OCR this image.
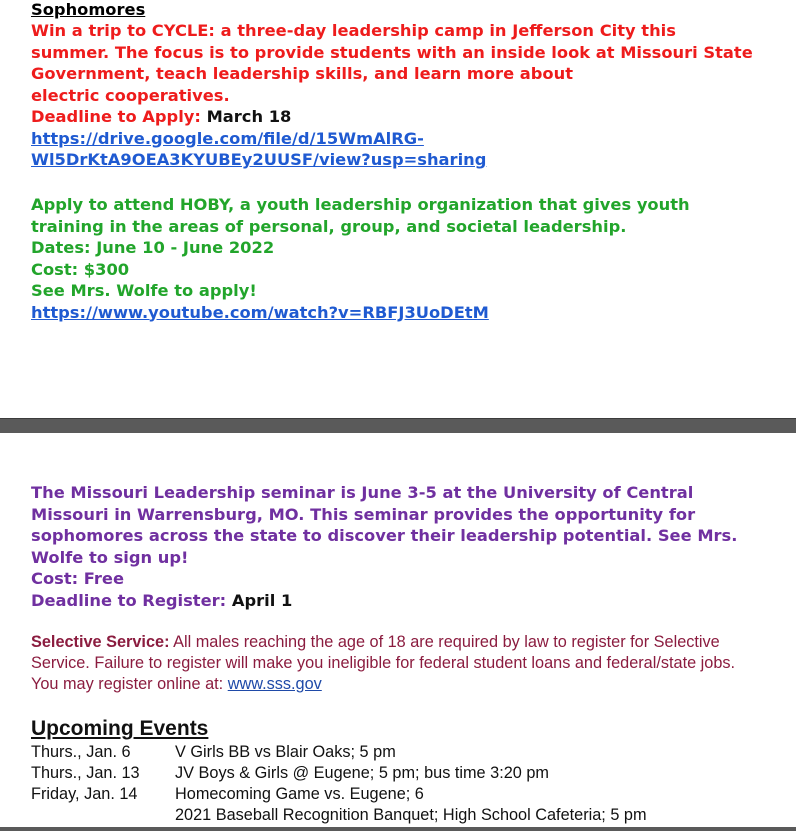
Sophomores
Win a trip to CYCLE: a three-day leadership camp in Jefferson City this
summer. The focus is to provide students with an inside look at Missouri State
Government, teach leadership skills, and learn more about
electric cooperatives.
Deadline to Apply: March 18
https://drive.google.com/file/d/15WmAlRG-
Wl5DrKtA9OEA3KYUBEy2UUSF/view?usp=sharing
Apply to attend HOBY, a youth leadership organization that gives youth
training in the areas of personal, group, and societal leadership.
Dates: June 10 - June 2022
Cost: $300
See Mrs. Wolfe to apply!
https://www.youtube.com/watch?v=RBFJ3UoDEtM
The Missouri Leadership seminar is June 3-5 at the University of Central
Missouri in Warrensburg, MO. This seminar provides the opportunity for
sophomores across the state to discover their leadership potential. See Mrs.
Wolfe to sign up!
Cost: Free
Deadline to Register: April 1
Selective Service: All males reaching the age of 18 are required by law to register for Selective Service. Failure to register will make you ineligible for federal student loans and federal/state jobs. You may register online at: www.sss.gov
Upcoming Events
Thurs., Jan. 6	V Girls BB vs Blair Oaks; 5 pm
Thurs., Jan. 13 JV Boys & Girls @ Eugene; 5 pm; bus time 3:20 pm
Friday, Jan. 14 Homecoming Game vs. Eugene; 6
2021 Baseball Recognition Banquet; High School Cafeteria; 5 pm
